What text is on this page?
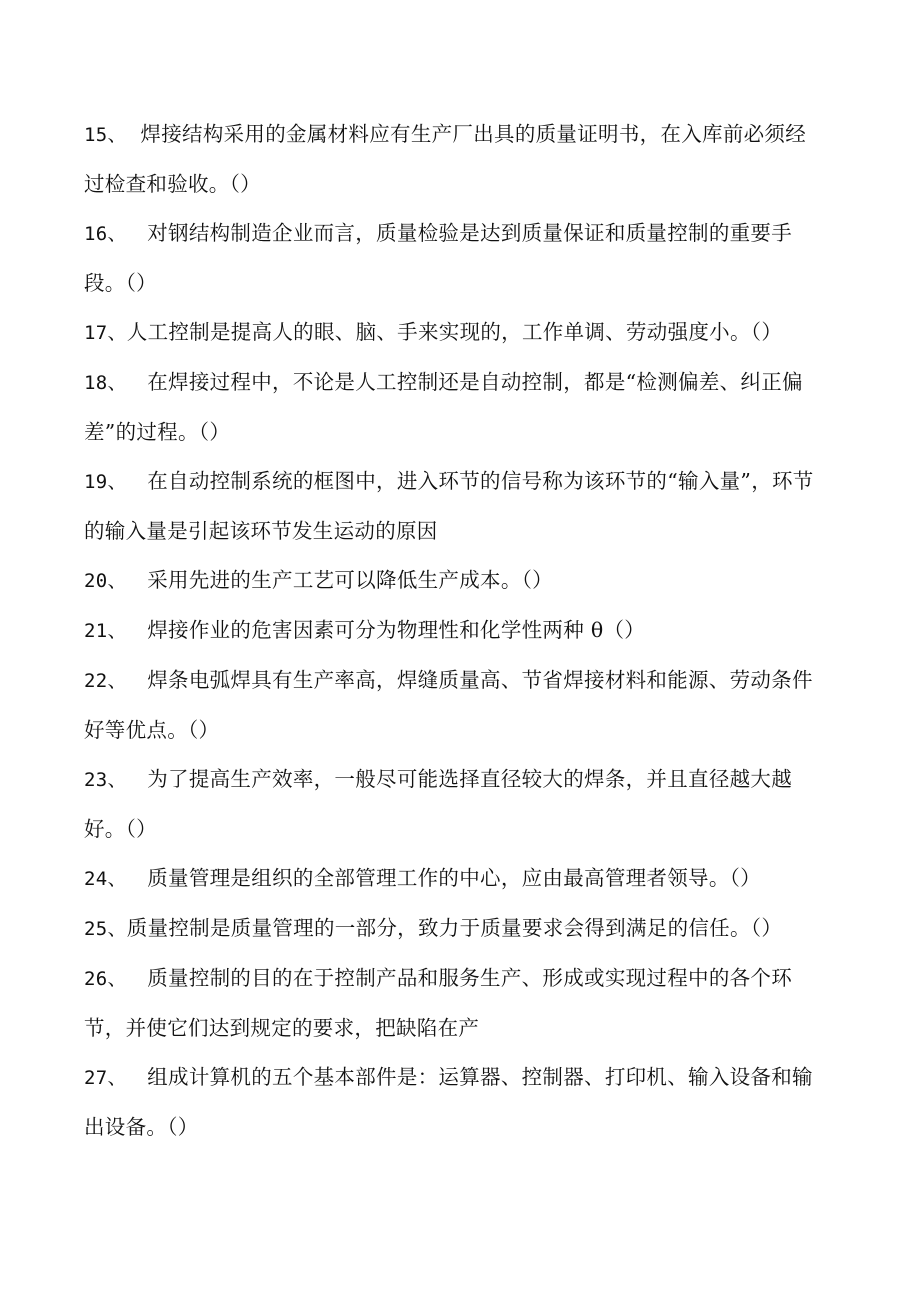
15、 焊接结构采用的金属材料应有生产厂出具的质量证明书，在入库前必须经过检查和验收。（）
16、 对钢结构制造企业而言，质量检验是达到质量保证和质量控制的重要手段。（）
17、人工控制是提高人的眼、脑、手来实现的，工作单调、劳动强度小。（）
18、 在焊接过程中，不论是人工控制还是自动控制，都是“检测偏差、纠正偏差”的过程。（）
19、 在自动控制系统的框图中，进入环节的信号称为该环节的“输入量”，环节的输入量是引起该环节发生运动的原因
20、 采用先进的生产工艺可以降低生产成本。（）
21、 焊接作业的危害因素可分为物理性和化学性两种 θ（）
22、 焊条电弧焊具有生产率高，焊缝质量高、节省焊接材料和能源、劳动条件好等优点。（）
23、 为了提高生产效率，一般尽可能选择直径较大的焊条，并且直径越大越好。（）
24、 质量管理是组织的全部管理工作的中心，应由最高管理者领导。（）
25、质量控制是质量管理的一部分，致力于质量要求会得到满足的信任。（）
26、 质量控制的目的在于控制产品和服务生产、形成或实现过程中的各个环节，并使它们达到规定的要求，把缺陷在产
27、 组成计算机的五个基本部件是：运算器、控制器、打印机、输入设备和输出设备。（）
